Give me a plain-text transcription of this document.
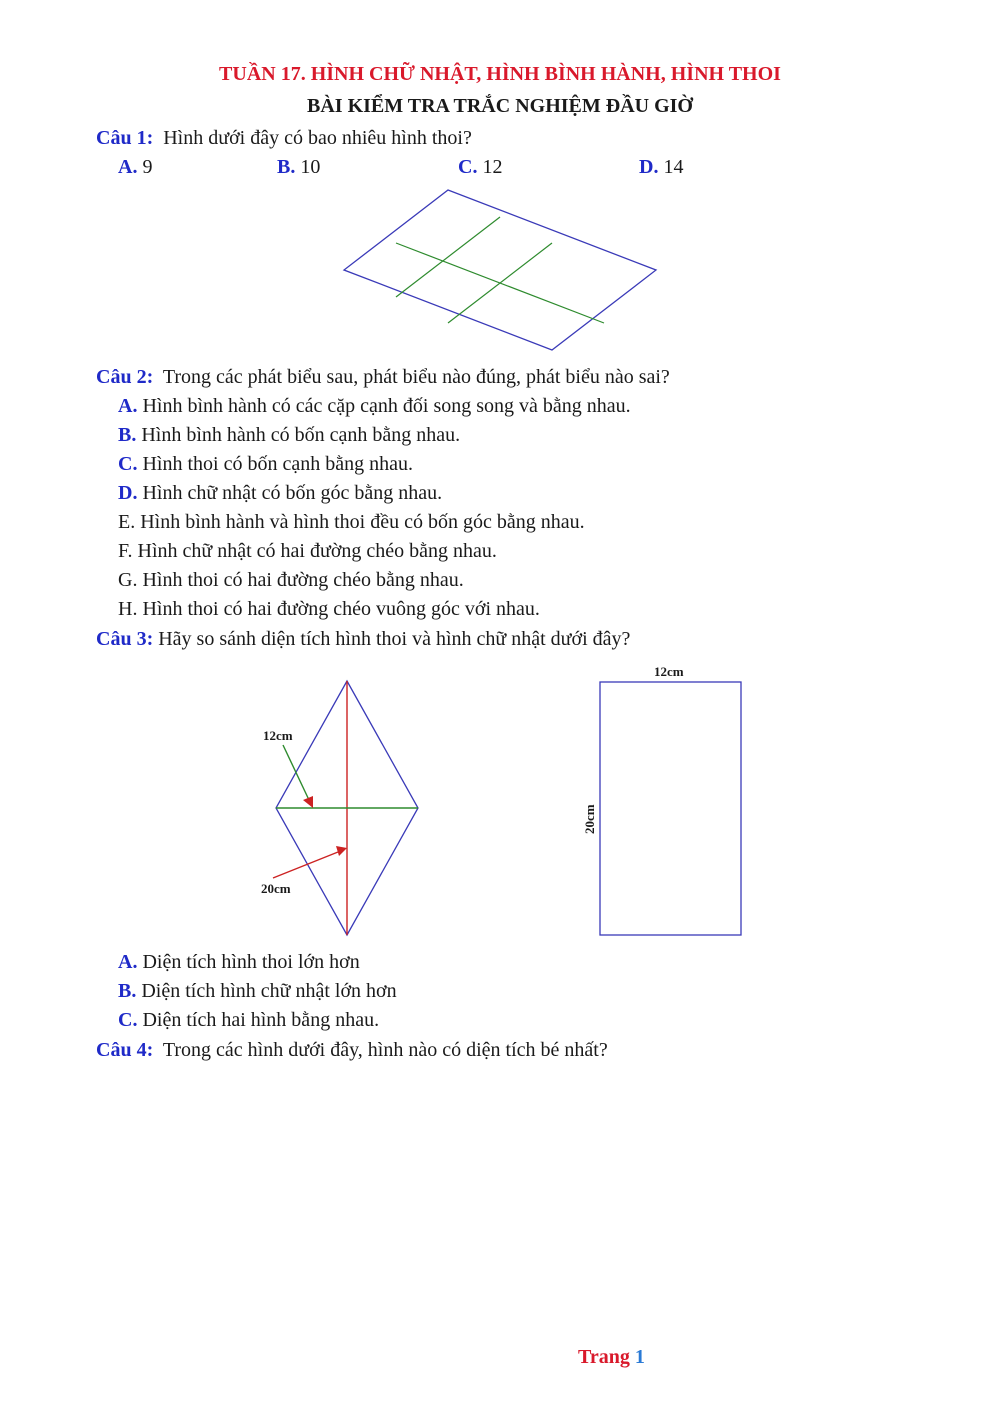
TUẦN 17. HÌNH CHỮ NHẬT, HÌNH BÌNH HÀNH, HÌNH THOI
BÀI KIỂM TRA TRẮC NGHIỆM ĐẦU GIỜ
Câu 1: Hình dưới đây có bao nhiêu hình thoi?
A. 9	B. 10	C. 12	D. 14
12cm
20cm
12cm
20cm
Câu 2: Trong các phát biểu sau, phát biểu nào đúng, phát biểu nào sai?
A. Hình bình hành có các cặp cạnh đối song song và bằng nhau.
B. Hình bình hành có bốn cạnh bằng nhau.
C. Hình thoi có bốn cạnh bằng nhau.
D. Hình chữ nhật có bốn góc bằng nhau.
E. Hình bình hành và hình thoi đều có bốn góc bằng nhau.
F. Hình chữ nhật có hai đường chéo bằng nhau.
G. Hình thoi có hai đường chéo bằng nhau.
H. Hình thoi có hai đường chéo vuông góc với nhau.
Câu 3: Hãy so sánh diện tích hình thoi và hình chữ nhật dưới đây?
A. Diện tích hình thoi lớn hơn
B. Diện tích hình chữ nhật lớn hơn
C. Diện tích hai hình bằng nhau.
Câu 4: Trong các hình dưới đây, hình nào có diện tích bé nhất?
Trang 1
